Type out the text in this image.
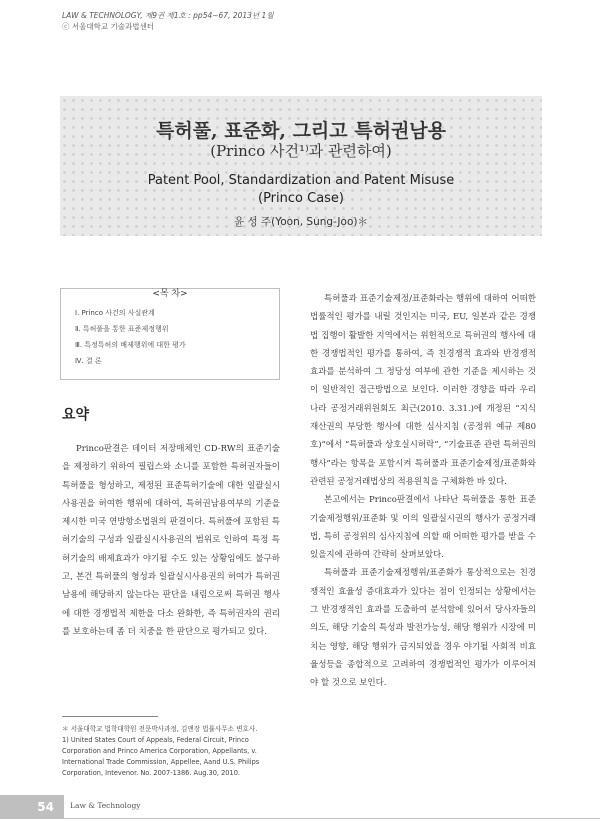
LAW & TECHNOLOGY, 제9권 제1호 : pp54∼67, 2013년 1월
ⓒ 서울대학교 기술과법센터
특허풀, 표준화, 그리고 특허권남용
(Princo 사건¹⁾과 관련하여)
Patent Pool, Standardization and Patent Misuse
(Princo Case)
윤 성 주(Yoon, Sung-Joo)＊
<목 차>
Ⅰ. Princo 사건의 사실관계
Ⅱ. 특허풀을 통한 표준제정행위
Ⅲ. 특정특허의 배제행위에 대한 평가
Ⅳ. 결 론
요약

Princo판결은 데이터 저장매체인 CD-RW의 표준기술을 제정하기 위하여 필립스와 소니를 포함한 특허권자들이 특허풀을 형성하고, 제정된 표준특허기술에 대한 일괄실시사용권을 허여한 행위에 대하여, 특허권남용여부의 기준을 제시한 미국 연방항소법원의 판결이다. 특허풀에 포함된 특허기술의 구성과 일괄실시사용권의 범위로 인하여 특정 특허기술의 배제효과가 야기될 수도 있는 상황임에도 불구하고, 본건 특허풀의 형성과 일괄실시사용권의 허여가 특허권남용에 해당하지 않는다는 판단을 내림으로써 특허권 행사에 대한 경쟁법적 제한을 다소 완화한, 즉 특허권자의 권리를 보호하는데 좀 더 치중을 한 판단으로 평가되고 있다.

특허풀과 표준기술제정/표준화라는 행위에 대하여 어떠한 법률적인 평가를 내릴 것인지는 미국, EU, 일본과 같은 경쟁법 집행이 활발한 지역에서는 위헌적으로 특허권의 행사에 대한 경쟁법적인 평가를 통하여, 즉 친경쟁적 효과와 반경쟁적 효과를 분석하여 그 정당성 여부에 관한 기준을 제시하는 것이 일반적인 접근방법으로 보인다. 이러한 경향을 따라 우리나라 공정거래위원회도 최근(2010. 3.31.)에 개정된 “지식재산권의 부당한 행사에 대한 심사지침 (공정위 예규 제80호)”에서 “특허풀과 상호실시허락”, “기술표준 관련 특허권의 행사”라는 항목을 포함시켜 특허풀과 표준기술제정/표준화와 관련된 공정거래법상의 적용원칙을 구체화한 바 있다.

본고에서는 Princo판결에서 나타난 특허풀을 통한 표준기술제정행위/표준화 및 이의 일괄실시권의 행사가 공정거래법, 특히 공정위의 심사지침에 의할 때 어떠한 평가를 받을 수 있을지에 관하여 간략히 살펴보았다.

특허풀과 표준기술제정행위/표준화가 통상적으로는 친경쟁적인 효율성 증대효과가 있다는 점이 인정되는 상황에서는 그 반경쟁적인 효과를 도출하여 분석함에 있어서 당사자들의 의도, 해당 기술의 특성과 발전가능성, 해당 행위가 시장에 미치는 영향, 해당 행위가 금지되었을 경우 야기될 사회적 비효율성등을 종합적으로 고려하여 경쟁법적인 평가가 이루어져야 할 것으로 보인다.

＊ 서울대학교 법학대학원 전문박사과정, 김앤장 법률사무소 변호사.
1) United States Court of Appeals, Federal Circuit, Princo Corporation and Princo America Corporation, Appellants, v. International Trade Commission, Appellee, Aand U.S. Philips Corporation, Intevenor. No. 2007-1386. Aug.30, 2010.
54	Law & Technology
